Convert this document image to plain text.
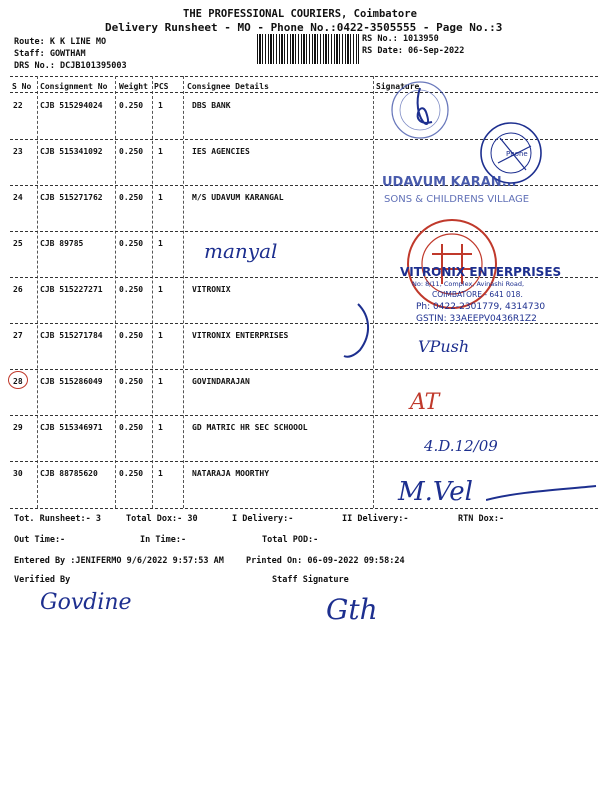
THE PROFESSIONAL COURIERS, Coimbatore
Delivery Runsheet - MO - Phone No.:0422-3505555 - Page No.:3
Route: K K LINE MO
Staff: GOWTHAM
DRS No.: DCJB101395003
RS No.: 1013950
RS Date: 06-Sep-2022
S No Consignment No Weight PCS Consignee Details	Signature
22 CJB 515294024 0.250 1	DBS BANK
23 CJB 515341092 0.250 1	IES AGENCIES
24 CJB 515271762 0.250 1	M/S UDAVUM KARANGAL
25 CJB 89785	0.250 1
26 CJB 515227271 0.250 1	VITRONIX
27 CJB 515271784 0.250 1	VITRONIX ENTERPRISES
28 CJB 515286049 0.250 1	GOVINDARAJAN
29 CJB 515346971 0.250 1	GD MATRIC HR SEC SCHOOOL
30 CJB 88785620	0.250 1	NATARAJA MOORTHY
Phone
UDAVUM KARAN...
SONS & CHILDRENS VILLAGE
VITRONIX ENTERPRISES
No: 8/11, Complex, Avinashi Road,
COIMBATORE - 641 018.
Ph: 0422-2301779, 4314730
GSTIN: 33AEEPV0436R1Z2
VPush
manyal
AT
4.D.12/09
M.Vel
Tot. Runsheet:- 3	Total Dox:- 30	I Delivery:-	II Delivery:-	RTN Dox:-
Out Time:-	In Time:-	Total POD:-
Entered By :JENIFERMO 9/6/2022 9:57:53 AM	Printed On: 06-09-2022 09:58:24
Verified By	Staff Signature
Govdine	Gth
